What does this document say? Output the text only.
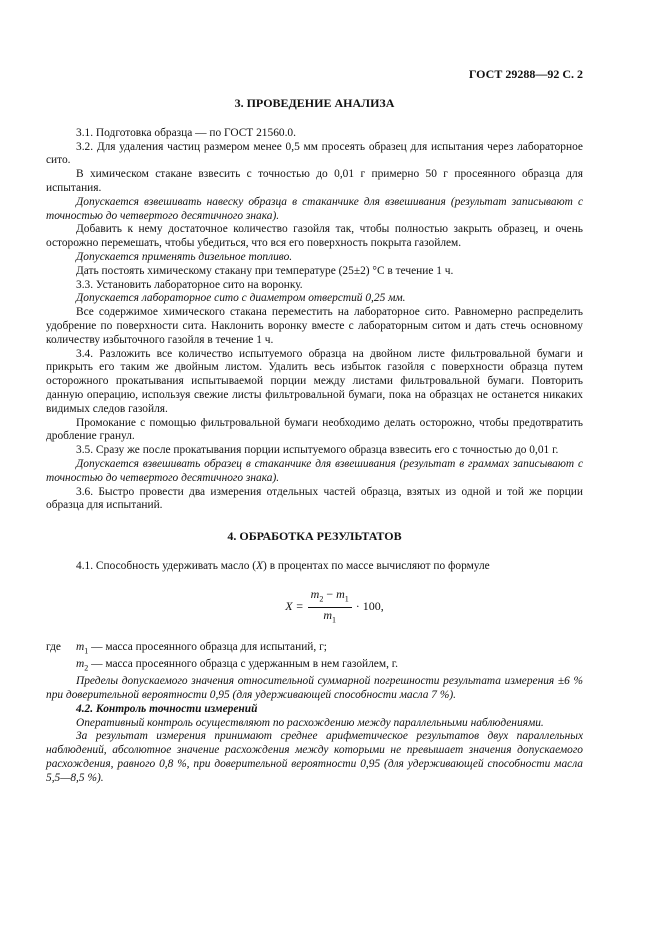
ГОСТ 29288—92 С. 2
3. ПРОВЕДЕНИЕ АНАЛИЗА

3.1. Подготовка образца — по ГОСТ 21560.0.

3.2. Для удаления частиц размером менее 0,5 мм просеять образец для испытания через лабораторное сито.

В химическом стакане взвесить с точностью до 0,01 г примерно 50 г просеянного образца для испытания.

Допускается взвешивать навеску образца в стаканчике для взвешивания (результат записывают с точностью до четвертого десятичного знака).

Добавить к нему достаточное количество газойля так, чтобы полностью закрыть образец, и очень осторожно перемешать, чтобы убедиться, что вся его поверхность покрыта газойлем.

Допускается применять дизельное топливо.

Дать постоять химическому стакану при температуре (25±2) °С в течение 1 ч.

3.3. Установить лабораторное сито на воронку.

Допускается лабораторное сито с диаметром отверстий 0,25 мм.

Все содержимое химического стакана переместить на лабораторное сито. Равномерно распределить удобрение по поверхности сита. Наклонить воронку вместе с лабораторным ситом и дать стечь основному количеству избыточного газойля в течение 1 ч.

3.4. Разложить все количество испытуемого образца на двойном листе фильтровальной бумаги и прикрыть его таким же двойным листом. Удалить весь избыток газойля с поверхности образца путем осторожного прокатывания испытываемой порции между листами фильтровальной бумаги. Повторить данную операцию, используя свежие листы фильтровальной бумаги, пока на образцах не останется никаких видимых следов газойля.

Промокание с помощью фильтровальной бумаги необходимо делать осторожно, чтобы предотвратить дробление гранул.

3.5. Сразу же после прокатывания порции испытуемого образца взвесить его с точностью до 0,01 г.

Допускается взвешивать образец в стаканчике для взвешивания (результат в граммах записывают с точностью до четвертого десятичного знака).

3.6. Быстро провести два измерения отдельных частей образца, взятых из одной и той же порции образца для испытаний.

4. ОБРАБОТКА РЕЗУЛЬТАТОВ

4.1. Способность удерживать масло (X) в процентах по массе вычисляют по формуле

$X = \frac{m_2 - m_1}{m_1} \cdot 100$,
где	$m_1$ — масса просеянного образца для испытаний, г;
$m_2$ — масса просеянного образца с удержанным в нем газойлем, г.

Пределы допускаемого значения относительной суммарной погрешности результата измерения ±6 % при доверительной вероятности 0,95 (для удерживающей способности масла 7 %).

4.2. Контроль точности измерений

Оперативный контроль осуществляют по расхождению между параллельными наблюдениями.

За результат измерения принимают среднее арифметическое результатов двух параллельных наблюдений, абсолютное значение расхождения между которыми не превышает значения допускаемого расхождения, равного 0,8 %, при доверительной вероятности 0,95 (для удерживающей способности масла 5,5—8,5 %).
